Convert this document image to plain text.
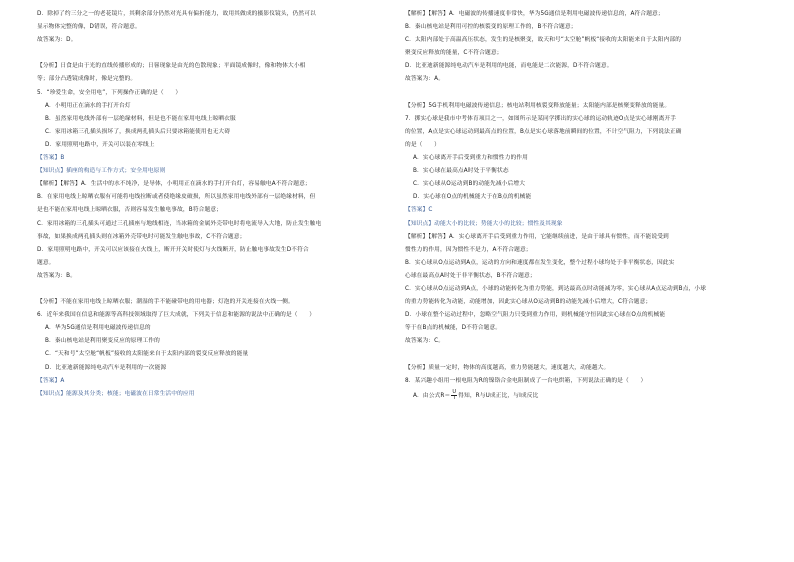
D．除掉了约三分之一的老花镜片，其剩余部分仍然对光具有偏折能力，故用其做成的摄影仪镜头，仍然可以
显示物体完整的像，D错误，符合题意。
故答案为：D。
【分析】日食是由于光的直线传播形成的；日晷现象是由光的色散现象；平面镜成像时，像和物体大小相
等；部分凸透镜成像时，像是完整的。
5．“珍爱生命，安全用电”，下列操作正确的是（　　）
A．小明用正在滴水的手打开台灯
B．虽然家用电线外部有一层绝缘材料，但是也不能在家用电线上晾晒衣服
C．家用冰箱三孔插头损坏了，换成两孔插头后只要冰箱能使用也无大碍
D．家用照明电路中，开关可以装在零线上
【答案】B
【知识点】插座的构造与工作方式；安全用电原则
【解析】【解答】A．生活中的水不纯净，是导体，小明用正在滴水的手打开台灯，容易触电A不符合题意；
B．在家用电线上晾晒衣服有可能将电线拉断或者使绝缘皮破损，所以虽然家用电线外部有一层绝缘材料，但
是也不能在家用电线上晾晒衣服，否则容易发生触电事故，B符合题意；
C．家用冰箱的三孔插头可通过三孔插座与地线相连，当冰箱的金属外壳带电时将电流导入大地，防止发生触电
事故，如果换成两孔插头则在冰箱外壳带电时可能发生触电事故，C不符合题意；
D．家用照明电路中，开关可以应该接在火线上，断开开关时使灯与火线断开，防止触电事故发生D不符合
题意。
故答案为：B。
【分析】不能在家用电线上晾晒衣服；潮湿的手不能碰带电的用电器；灯泡的开关连接在火线一侧。
6．近年来我国在信息和能源等高科技领域取得了巨大成就，下列关于信息和能源的说法中正确的是（　　）
A．华为5G通信是利用电磁波传递信息的
B．秦山核电站是利用聚变反应的原理工作的
C．“天和号”太空舱“帆板”接收的太阳能来自于太阳内部的裂变反应释放的能量
D．比亚迪新能源纯电动汽车是利用的一次能源
【答案】A
【知识点】能源及其分类；核能；电磁波在日常生活中的应用
【解析】【解答】A．电磁波的传播速度非常快，华为5G通信是利用电磁波传递信息的，A符合题意；
B．秦山核电站是利用可控的核裂变的原理工作的，B不符合题意；
C．太阳内部处于高温高压状态，发生的是核聚变，故天和号“太空舱”帆板“接收的太阳能来自于太阳内部的
聚变反应释放的能量，C不符合题意；
D．比亚迪新能源纯电动汽车是利用的电能，而电能是二次能源，D不符合题意。
故答案为：A。
【分析】5G手机利用电磁波传递信息；核电站利用核裂变释放能量；太阳能内部是核聚变释放的能量。
7．掷实心球是我市中考体育项目之一，如图所示是某同学掷出的实心球的运动轨迹O点是实心球刚离开手
的位置，A点是实心球运动到最高点的位置，B点是实心球落地前瞬间的位置，不计空气阻力，下列说法正确
的是（　　）
A．实心球离开手后受到重力和惯性力的作用
B．实心球在最高点A时处于平衡状态
C．实心球从O运动到B的动能先减小后增大
D．实心球在O点的机械能大于在B点的机械能
【答案】C
【知识点】动能大小的比较；势能大小的比较；惯性及其现象
【解析】【解答】A．实心球离开手后受到重力作用，它能继续前进，是由于球具有惯性，而不能说受到
惯性力的作用，因为惯性不是力，A不符合题意；
B．实心球从O点运动到A点，运动的方向和速度都在发生变化，整个过程小球均处于非平衡状态，因此实
心球在最高点A时处于非平衡状态，B不符合题意；
C．实心球从O点运动到A点，小球的动能转化为重力势能，到达最高点时动能减为零，实心球从A点运动到B点，小球
的重力势能转化为动能，动能增加，因此实心球从O运动到B的动能先减小后增大，C符合题意；
D．小球在整个运动过程中，忽略空气阻力只受到重力作用，则机械能守恒因此实心球在O点的机械能
等于在B点的机械能，D不符合题意。
故答案为：C。
【分析】质量一定时，物体的高度越高，重力势能越大，速度越大，动能越大。
8．某兴趣小组用一根电阻为R的镍铬合金电阻制成了一台电烘箱，下列说法正确的是（　　）
A．由公式$R= \frac{U}{I}$ 得知，R与U成正比，与I成反比
